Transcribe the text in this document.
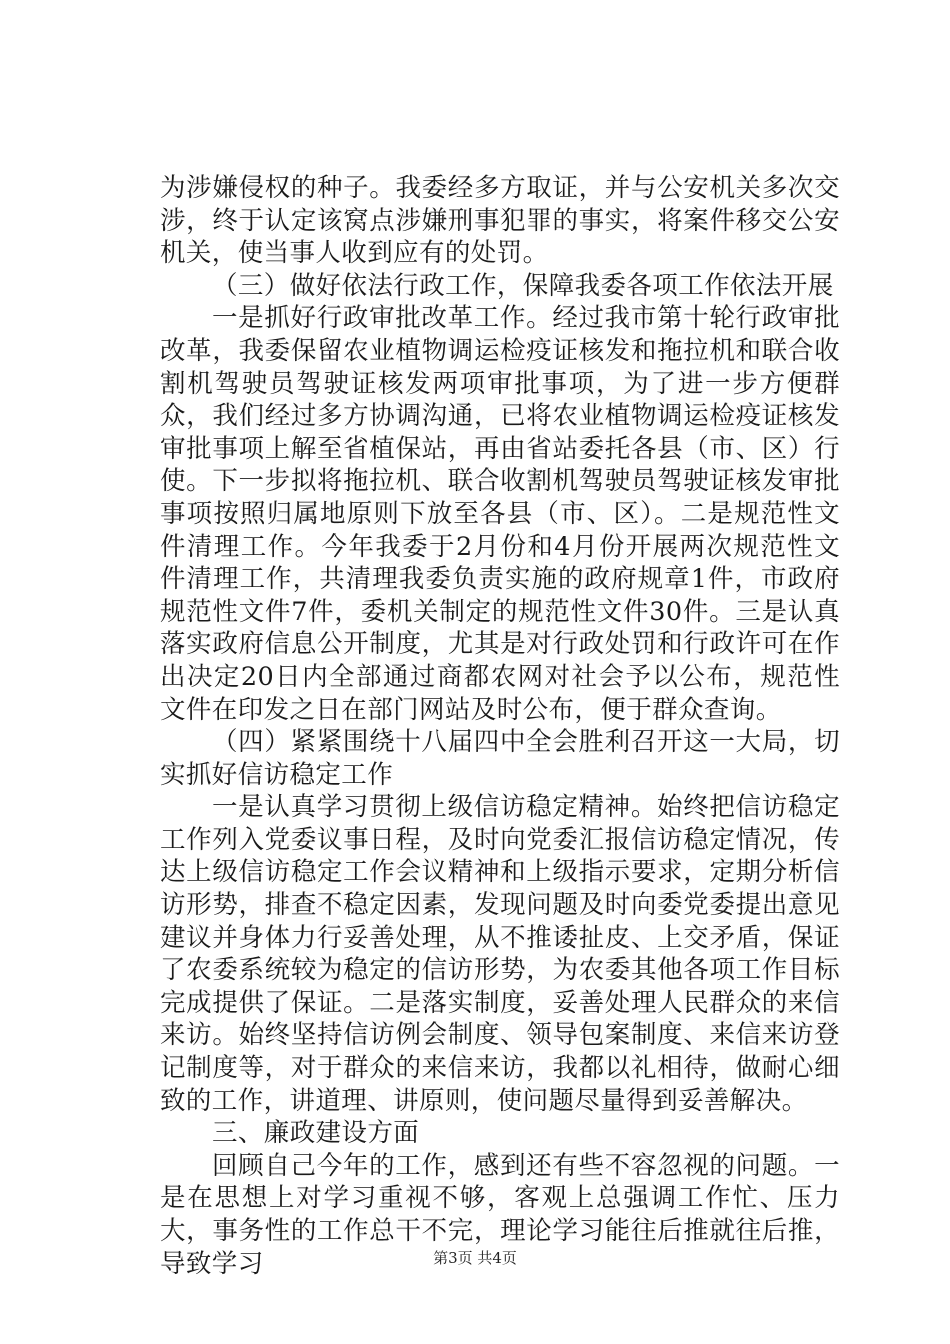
为涉嫌侵权的种子。我委经多方取证，并与公安机关多次交涉，终于认定该窝点涉嫌刑事犯罪的事实，将案件移交公安机关，使当事人收到应有的处罚。

（三）做好依法行政工作，保障我委各项工作依法开展

一是抓好行政审批改革工作。经过我市第十轮行政审批改革，我委保留农业植物调运检疫证核发和拖拉机和联合收割机驾驶员驾驶证核发两项审批事项，为了进一步方便群众，我们经过多方协调沟通，已将农业植物调运检疫证核发审批事项上解至省植保站，再由省站委托各县（市、区）行使。下一步拟将拖拉机、联合收割机驾驶员驾驶证核发审批事项按照归属地原则下放至各县（市、区）。二是规范性文件清理工作。今年我委于2月份和4月份开展两次规范性文件清理工作，共清理我委负责实施的政府规章1件，市政府规范性文件7件，委机关制定的规范性文件30件。三是认真落实政府信息公开制度，尤其是对行政处罚和行政许可在作出决定20日内全部通过商都农网对社会予以公布，规范性文件在印发之日在部门网站及时公布，便于群众查询。

（四）紧紧围绕十八届四中全会胜利召开这一大局，切实抓好信访稳定工作

一是认真学习贯彻上级信访稳定精神。始终把信访稳定工作列入党委议事日程，及时向党委汇报信访稳定情况，传达上级信访稳定工作会议精神和上级指示要求，定期分析信访形势，排查不稳定因素，发现问题及时向委党委提出意见建议并身体力行妥善处理，从不推诿扯皮、上交矛盾，保证了农委系统较为稳定的信访形势，为农委其他各项工作目标完成提供了保证。二是落实制度，妥善处理人民群众的来信来访。始终坚持信访例会制度、领导包案制度、来信来访登记制度等，对于群众的来信来访，我都以礼相待，做耐心细致的工作，讲道理、讲原则，使问题尽量得到妥善解决。

三、廉政建设方面

回顾自己今年的工作，感到还有些不容忽视的问题。一是在思想上对学习重视不够，客观上总强调工作忙、压力大，事务性的工作总干不完，理论学习能往后推就往后推，导致学习	第3页 共4页
